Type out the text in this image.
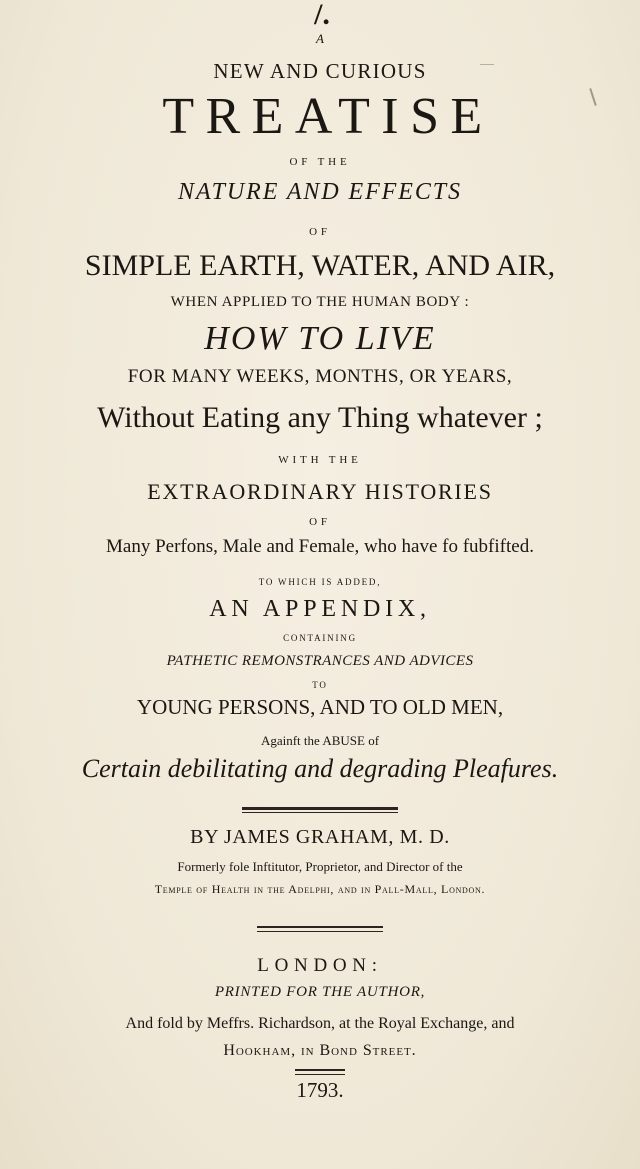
/.
A
NEW AND CURIOUS
TREATISE
OF THE
NATURE AND EFFECTS
OF
SIMPLE EARTH, WATER, AND AIR,
WHEN APPLIED TO THE HUMAN BODY :
HOW TO LIVE
FOR MANY WEEKS, MONTHS, OR YEARS,
Without Eating any Thing whatever ;
WITH THE
EXTRAORDINARY HISTORIES
OF
Many Perfons, Male and Female, who have fo fubfifted.
TO WHICH IS ADDED,
AN APPENDIX,
CONTAINING
PATHETIC REMONSTRANCES AND ADVICES
TO
YOUNG PERSONS, AND TO OLD MEN,
Againft the ABUSE of
Certain debilitating and degrading Pleafures.
BY JAMES GRAHAM, M. D.
Formerly fole Inftitutor, Proprietor, and Director of the
Temple of Health in the Adelphi, and in Pall-Mall, London.
LONDON:
PRINTED FOR THE AUTHOR,
And fold by Meffrs. Richardson, at the Royal Exchange, and
Hookham, in Bond Street.
1793.
